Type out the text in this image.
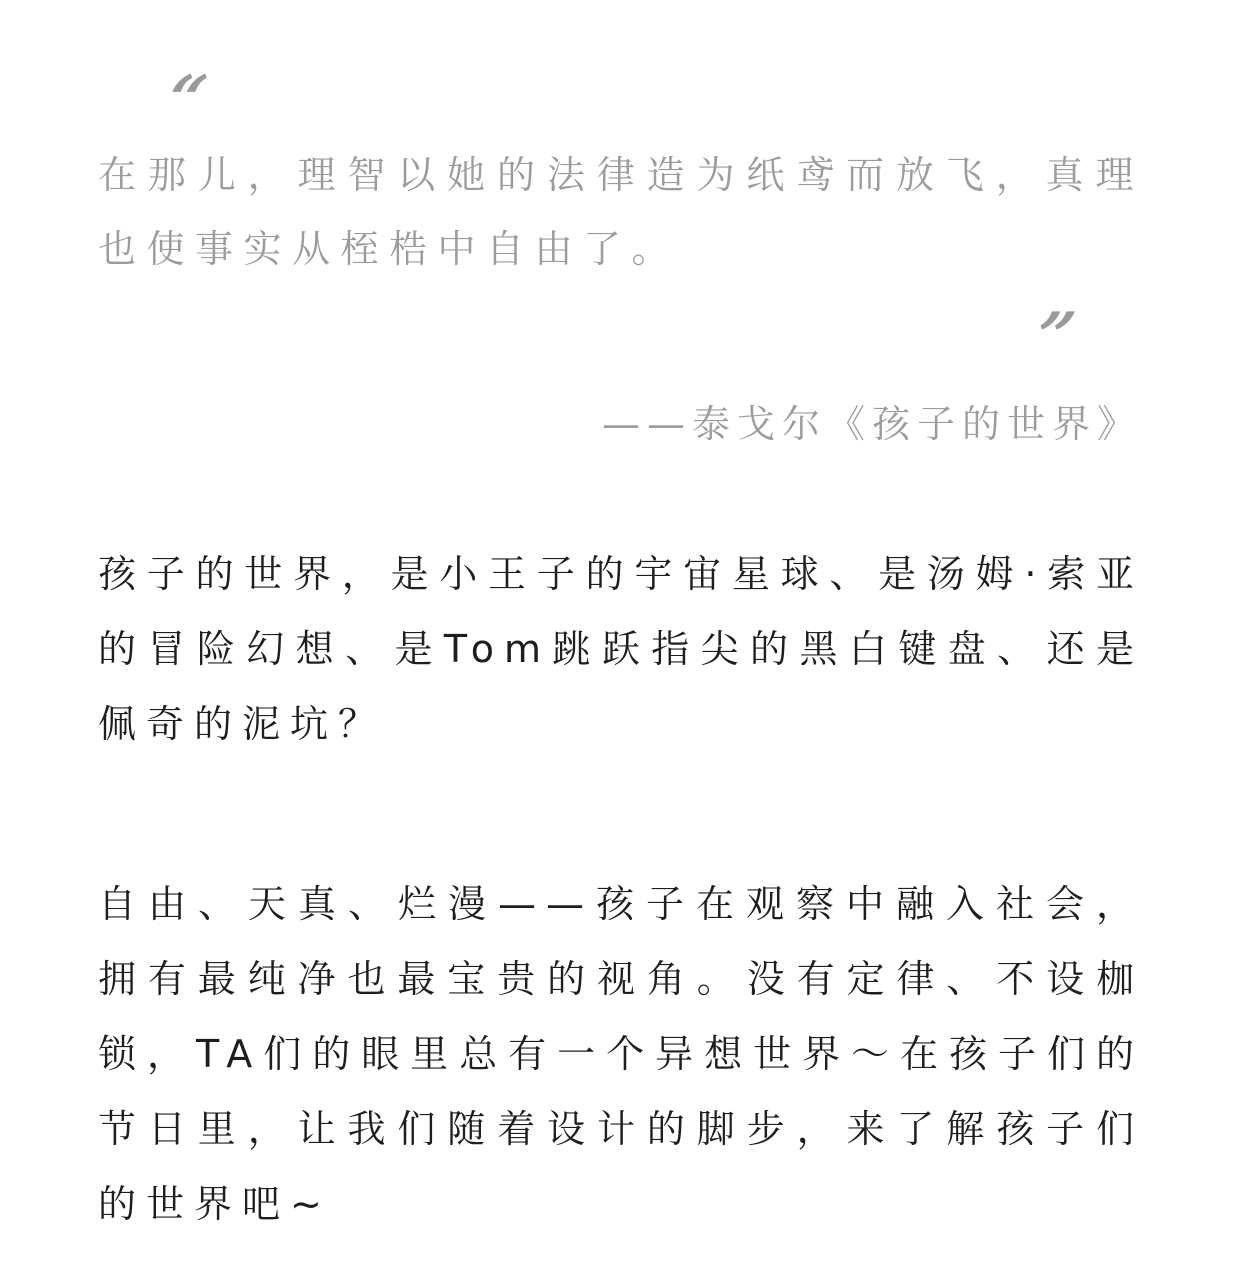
“

在那儿，理智以她的法律造为纸鸢而放飞，真理也使事实从桎梏中自由了。

”

——泰戈尔《孩子的世界》

孩子的世界，是小王子的宇宙星球、是汤姆·索亚的冒险幻想、是Tom跳跃指尖的黑白键盘、还是佩奇的泥坑？

自由、天真、烂漫——孩子在观察中融入社会，拥有最纯净也最宝贵的视角。没有定律、不设枷锁，TA们的眼里总有一个异想世界～在孩子们的节日里，让我们随着设计的脚步，来了解孩子们的世界吧~
